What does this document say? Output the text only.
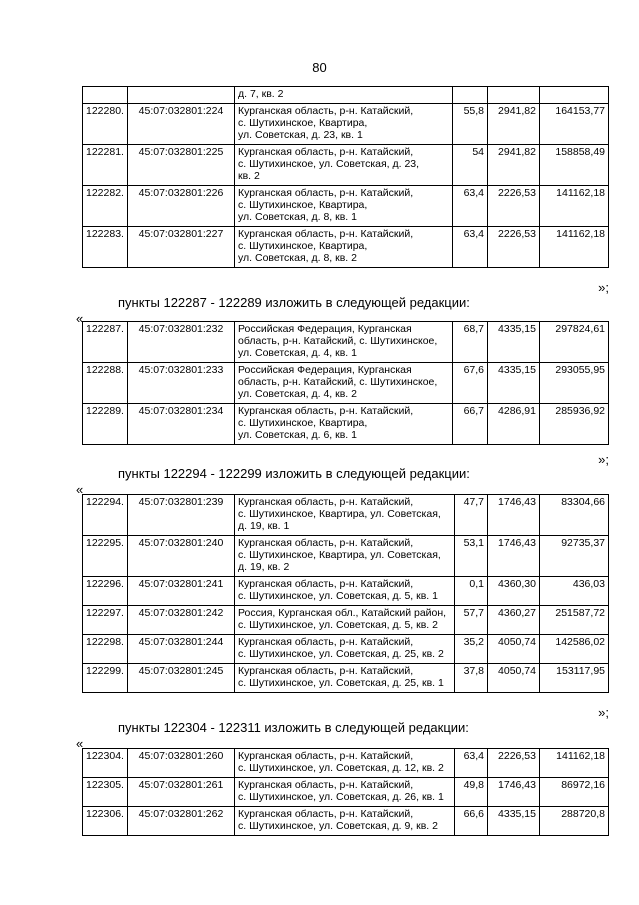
80
		д. 7, кв. 2			
122280.	45:07:032801:224	Курганская область, р-н. Катайский,
с. Шутихинское, Квартира,
ул. Советская, д. 23, кв. 1	55,8	2941,82	164153,77
122281.	45:07:032801:225	Курганская область, р-н. Катайский,
с. Шутихинское, ул. Советская, д. 23,
кв. 2	54	2941,82	158858,49
122282.	45:07:032801:226	Курганская область, р-н. Катайский,
с. Шутихинское, Квартира,
ул. Советская, д. 8, кв. 1	63,4	2226,53	141162,18
122283.	45:07:032801:227	Курганская область, р-н. Катайский,
с. Шутихинское, Квартира,
ул. Советская, д. 8, кв. 2	63,4	2226,53	141162,18
»;
пункты 122287 - 122289 изложить в следующей редакции:
«
122287.	45:07:032801:232	Российская Федерация, Курганская
область, р-н. Катайский, с. Шутихинское,
ул. Советская, д. 4, кв. 1	68,7	4335,15	297824,61
122288.	45:07:032801:233	Российская Федерация, Курганская
область, р-н. Катайский, с. Шутихинское,
ул. Советская, д. 4, кв. 2	67,6	4335,15	293055,95
122289.	45:07:032801:234	Курганская область, р-н. Катайский,
с. Шутихинское, Квартира,
ул. Советская, д. 6, кв. 1	66,7	4286,91	285936,92
»;
пункты 122294 - 122299 изложить в следующей редакции:
«
122294.	45:07:032801:239	Курганская область, р-н. Катайский,
с. Шутихинское, Квартира, ул. Советская,
д. 19, кв. 1	47,7	1746,43	83304,66
122295.	45:07:032801:240	Курганская область, р-н. Катайский,
с. Шутихинское, Квартира, ул. Советская,
д. 19, кв. 2	53,1	1746,43	92735,37
122296.	45:07:032801:241	Курганская область, р-н. Катайский,
с. Шутихинское, ул. Советская, д. 5, кв. 1	0,1	4360,30	436,03
122297.	45:07:032801:242	Россия, Курганская обл., Катайский район,
с. Шутихинское, ул. Советская, д. 5, кв. 2	57,7	4360,27	251587,72
122298.	45:07:032801:244	Курганская область, р-н. Катайский,
с. Шутихинское, ул. Советская, д. 25, кв. 2	35,2	4050,74	142586,02
122299.	45:07:032801:245	Курганская область, р-н. Катайский,
с. Шутихинское, ул. Советская, д. 25, кв. 1	37,8	4050,74	153117,95
»;
пункты 122304 - 122311 изложить в следующей редакции:
«
122304.	45:07:032801:260	Курганская область, р-н. Катайский,
с. Шутихинское, ул. Советская, д. 12, кв. 2	63,4	2226,53	141162,18
122305.	45:07:032801:261	Курганская область, р-н. Катайский,
с. Шутихинское, ул. Советская, д. 26, кв. 1	49,8	1746,43	86972,16
122306.	45:07:032801:262	Курганская область, р-н. Катайский,
с. Шутихинское, ул. Советская, д. 9, кв. 2	66,6	4335,15	288720,8
